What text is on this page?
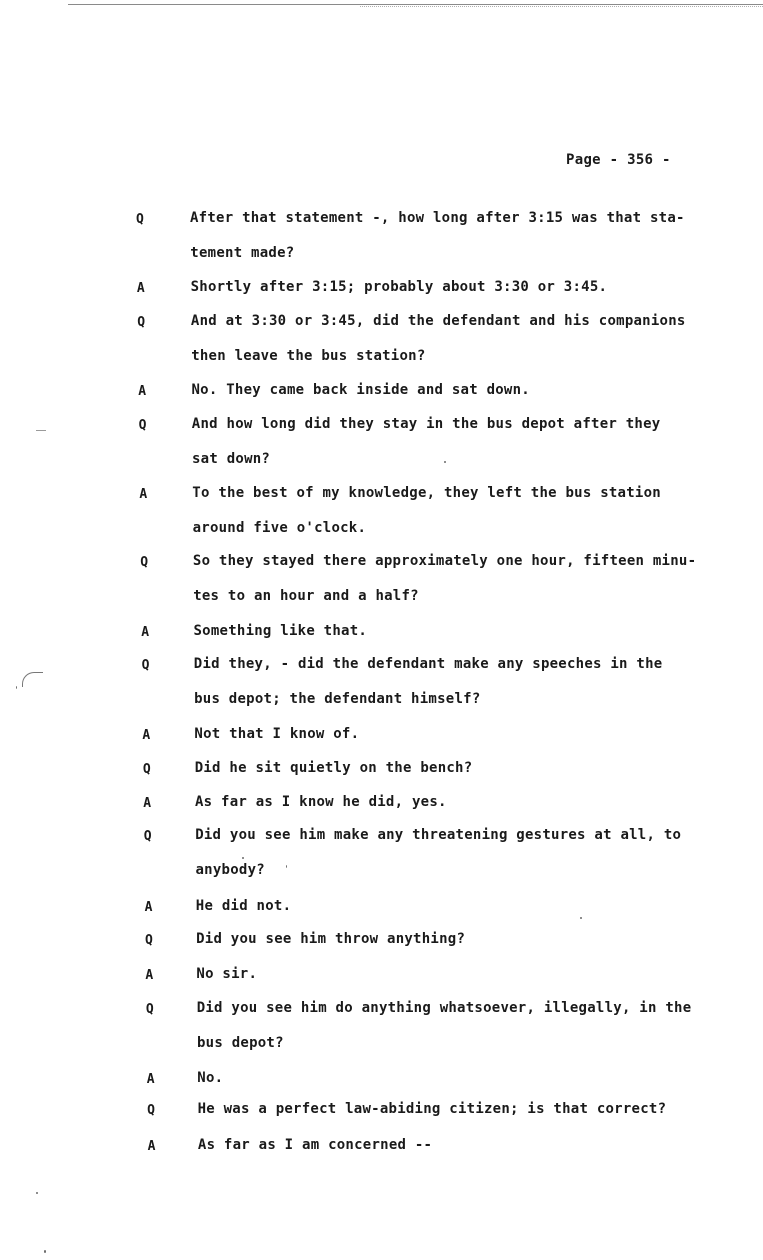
Page - 356 -
Q	After that statement -, how long after 3:15 was that sta-
tement made?
A	Shortly after 3:15; probably about 3:30 or 3:45.
Q	And at 3:30 or 3:45, did the defendant and his companions
then leave the bus station?
A	No. They came back inside and sat down.
Q	And how long did they stay in the bus depot after they
sat down?
A	To the best of my knowledge, they left the bus station
around five o'clock.
Q	So they stayed there approximately one hour, fifteen minu-
tes to an hour and a half?
A	Something like that.
Q	Did they, - did the defendant make any speeches in the
bus depot; the defendant himself?
A	Not that I know of.
Q	Did he sit quietly on the bench?
A	As far as I know he did, yes.
Q	Did you see him make any threatening gestures at all, to
anybody?
A	He did not.
Q	Did you see him throw anything?
A	No sir.
Q	Did you see him do anything whatsoever, illegally, in the
bus depot?
A	No.
Q	He was a perfect law-abiding citizen; is that correct?
A	As far as I am concerned --
